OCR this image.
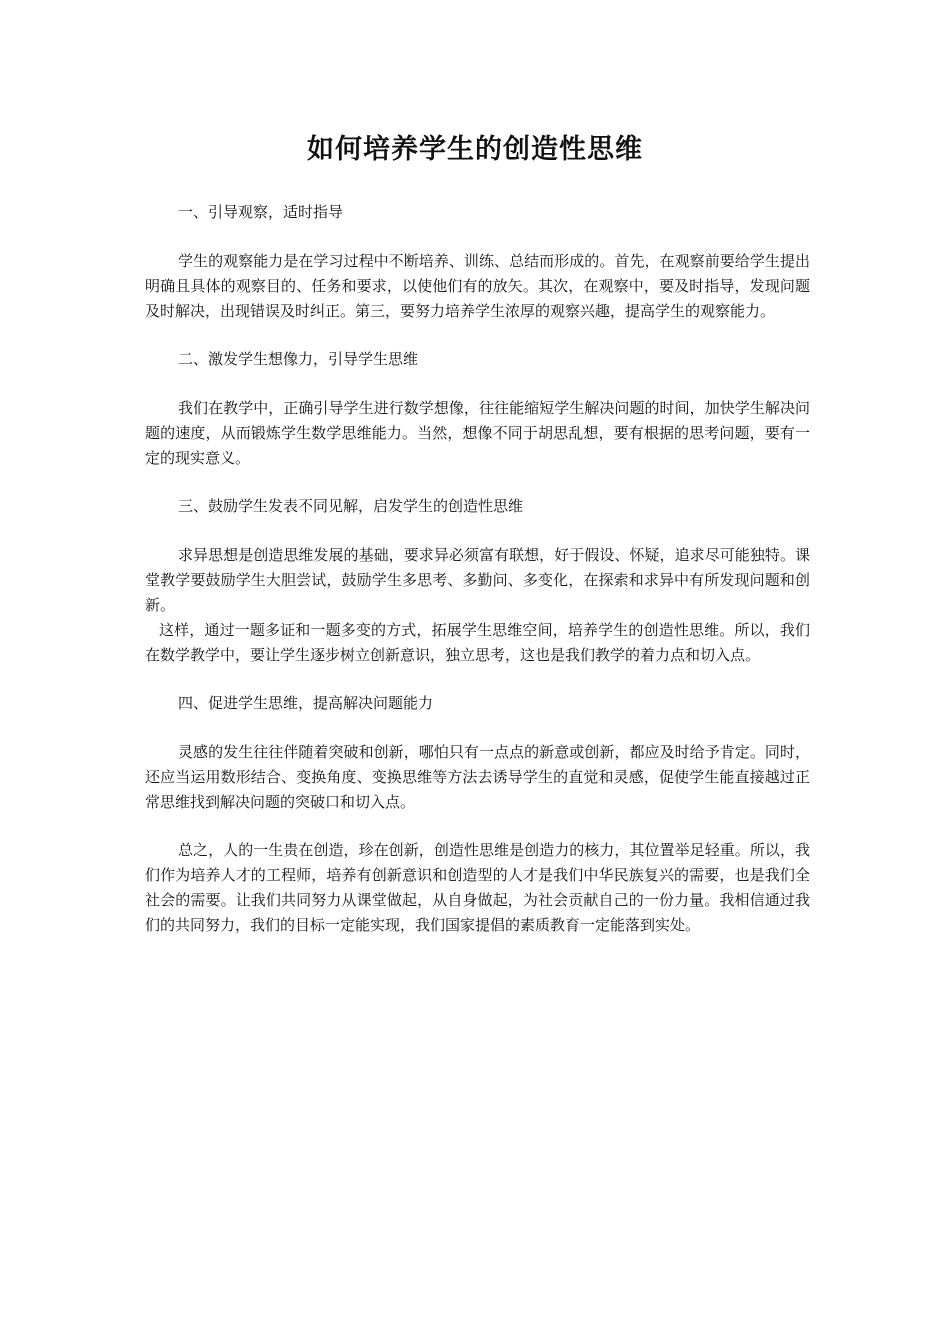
如何培养学生的创造性思维

一、引导观察，适时指导

学生的观察能力是在学习过程中不断培养、训练、总结而形成的。首先，在观察前要给学生提出明确且具体的观察目的、任务和要求，以使他们有的放矢。其次，在观察中，要及时指导，发现问题及时解决，出现错误及时纠正。第三，要努力培养学生浓厚的观察兴趣，提高学生的观察能力。

二、激发学生想像力，引导学生思维

我们在教学中，正确引导学生进行数学想像，往往能缩短学生解决问题的时间，加快学生解决问题的速度，从而锻炼学生数学思维能力。当然，想像不同于胡思乱想，要有根据的思考问题，要有一定的现实意义。

三、鼓励学生发表不同见解，启发学生的创造性思维

求异思想是创造思维发展的基础，要求异必须富有联想，好于假设、怀疑，追求尽可能独特。课堂教学要鼓励学生大胆尝试，鼓励学生多思考、多勤问、多变化，在探索和求异中有所发现问题和创新。

这样，通过一题多证和一题多变的方式，拓展学生思维空间，培养学生的创造性思维。所以，我们在数学教学中，要让学生逐步树立创新意识，独立思考，这也是我们教学的着力点和切入点。

四、促进学生思维，提高解决问题能力

灵感的发生往往伴随着突破和创新，哪怕只有一点点的新意或创新，都应及时给予肯定。同时，还应当运用数形结合、变换角度、变换思维等方法去诱导学生的直觉和灵感，促使学生能直接越过正常思维找到解决问题的突破口和切入点。

总之，人的一生贵在创造，珍在创新，创造性思维是创造力的核力，其位置举足轻重。所以，我们作为培养人才的工程师，培养有创新意识和创造型的人才是我们中华民族复兴的需要，也是我们全社会的需要。让我们共同努力从课堂做起，从自身做起，为社会贡献自己的一份力量。我相信通过我们的共同努力，我们的目标一定能实现，我们国家提倡的素质教育一定能落到实处。
